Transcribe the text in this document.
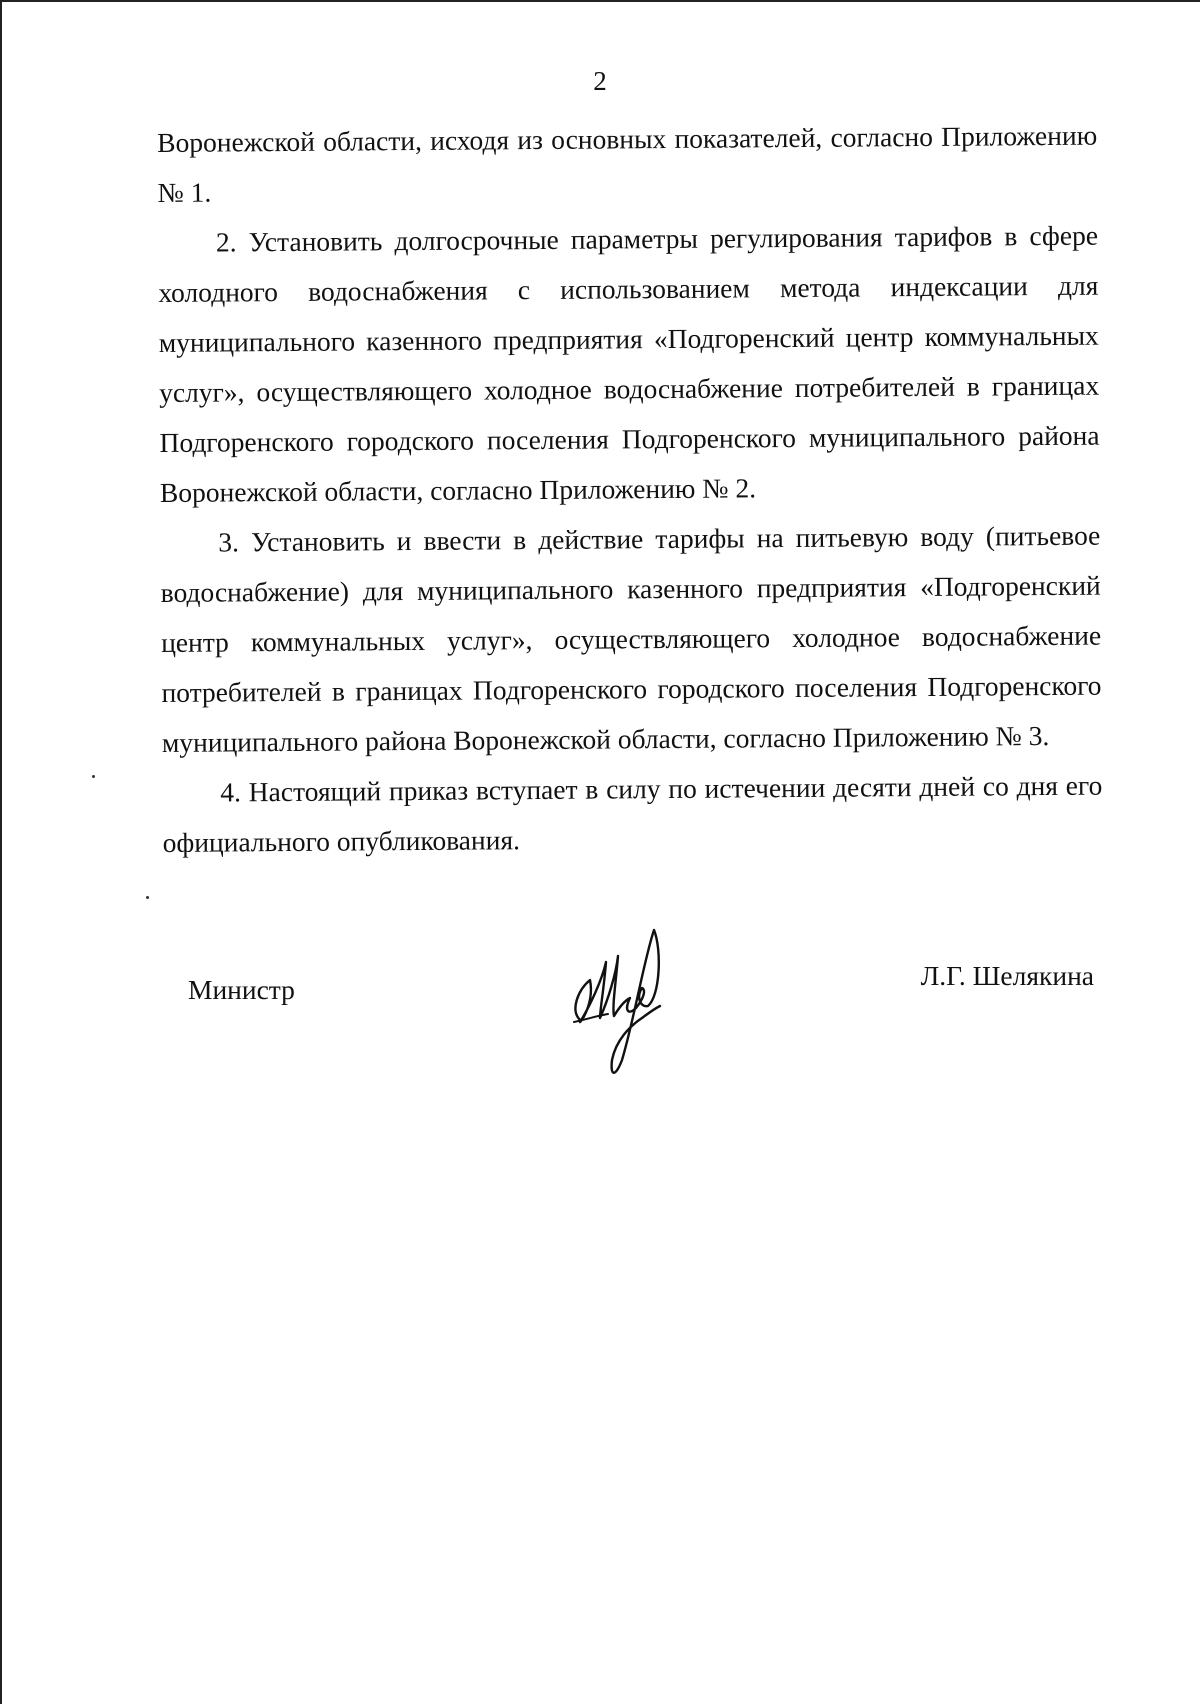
2

Воронежской области, исходя из основных показателей, согласно Приложению № 1.

2. Установить долгосрочные параметры регулирования тарифов в сфере холодного водоснабжения с использованием метода индексации для муниципального казенного предприятия «Подгоренский центр коммунальных услуг», осуществляющего холодное водоснабжение потребителей в границах Подгоренского городского поселения Подгоренского муниципального района Воронежской области, согласно Приложению № 2.

3. Установить и ввести в действие тарифы на питьевую воду (питьевое водоснабжение) для муниципального казенного предприятия «Подгоренский центр коммунальных услуг», осуществляющего холодное водоснабжение потребителей в границах Подгоренского городского поселения Подгоренского муниципального района Воронежской области, согласно Приложению № 3.

4. Настоящий приказ вступает в силу по истечении десяти дней со дня его официального опубликования.

Министр	Л.Г. Шелякина
